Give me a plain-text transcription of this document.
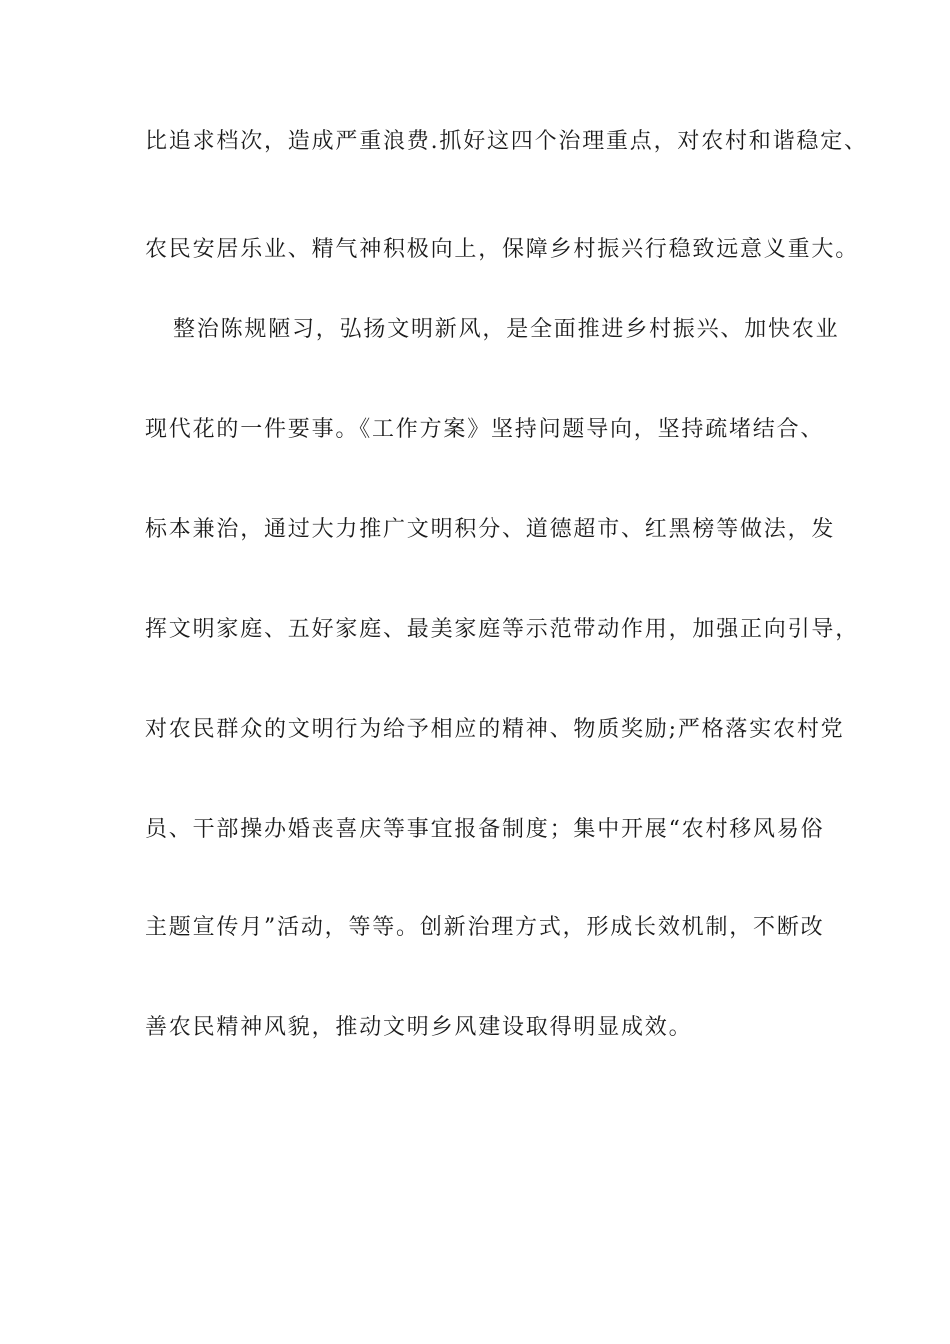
比追求档次，造成严重浪费.抓好这四个治理重点，对农村和谐稳定、
农民安居乐业、精气神积极向上，保障乡村振兴行稳致远意义重大。
整治陈规陋习，弘扬文明新风，是全面推进乡村振兴、加快农业
现代花的一件要事。《工作方案》坚持问题导向，坚持疏堵结合、
标本兼治，通过大力推广文明积分、道德超市、红黑榜等做法，发
挥文明家庭、五好家庭、最美家庭等示范带动作用，加强正向引导，
对农民群众的文明行为给予相应的精神、物质奖励;严格落实农村党
员、干部操办婚丧喜庆等事宜报备制度；集中开展“农村移风易俗
主题宣传月”活动，等等。创新治理方式，形成长效机制，不断改
善农民精神风貌，推动文明乡风建设取得明显成效。
